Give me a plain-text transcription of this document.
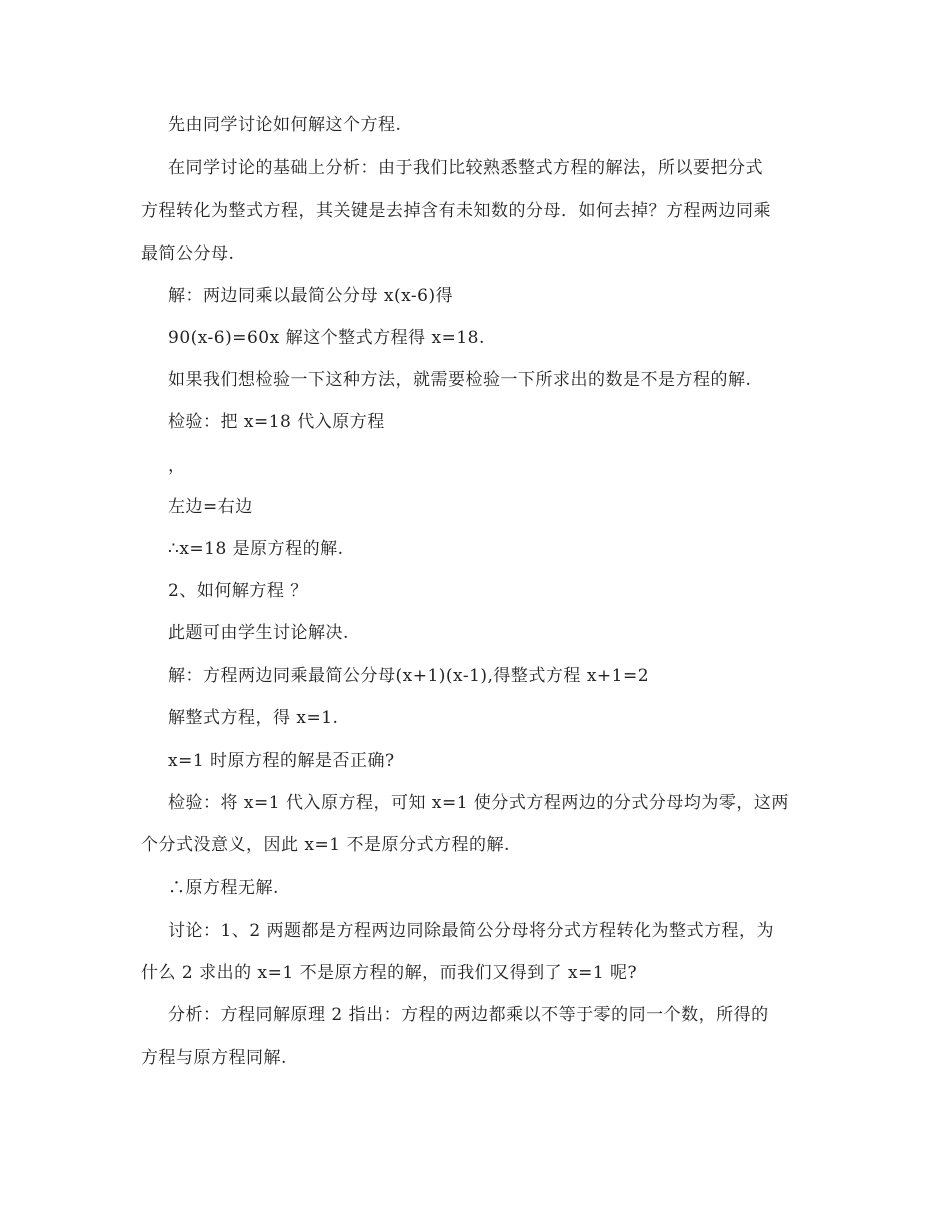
先由同学讨论如何解这个方程.
在同学讨论的基础上分析：由于我们比较熟悉整式方程的解法，所以要把分式
方程转化为整式方程，其关键是去掉含有未知数的分母．如何去掉？方程两边同乘
最简公分母.
解：两边同乘以最简公分母 x(x-6)得
90(x-6)=60x 解这个整式方程得 x=18.
如果我们想检验一下这种方法，就需要检验一下所求出的数是不是方程的解.
检验：把 x=18 代入原方程
，
左边=右边
∴x=18 是原方程的解.
2、如何解方程 ？
此题可由学生讨论解决.
解：方程两边同乘最简公分母(x+1)(x-1),得整式方程 x+1=2
解整式方程，得 x=1.
x=1 时原方程的解是否正确?
检验：将 x=1 代入原方程，可知 x=1 使分式方程两边的分式分母均为零，这两
个分式没意义，因此 x=1 不是原分式方程的解.
∴原方程无解.
讨论：1、2 两题都是方程两边同除最简公分母将分式方程转化为整式方程，为
什么 2 求出的 x=1 不是原方程的解，而我们又得到了 x=1 呢?
分析：方程同解原理 2 指出：方程的两边都乘以不等于零的同一个数，所得的
方程与原方程同解.
